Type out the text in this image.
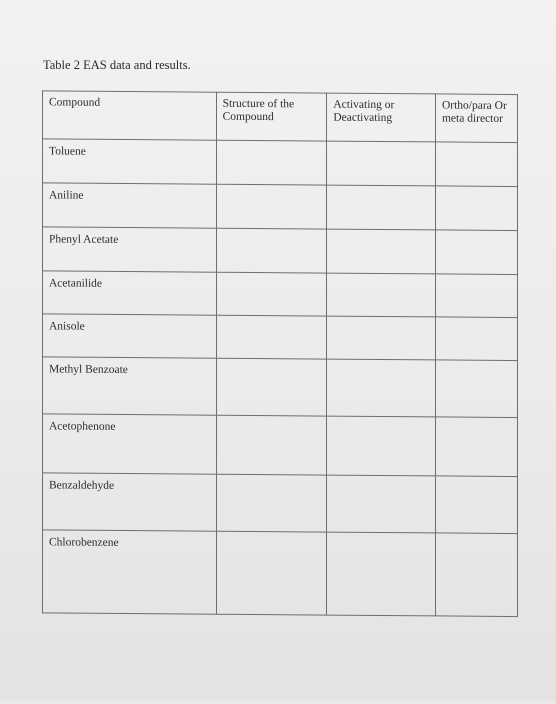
Table 2 EAS data and results.
Compound	Structure of the Compound	Activating or Deactivating	Ortho/para Or meta director
Toluene			
Aniline			
Phenyl Acetate			
Acetanilide			
Anisole			
Methyl Benzoate			
Acetophenone			
Benzaldehyde			
Chlorobenzene			
